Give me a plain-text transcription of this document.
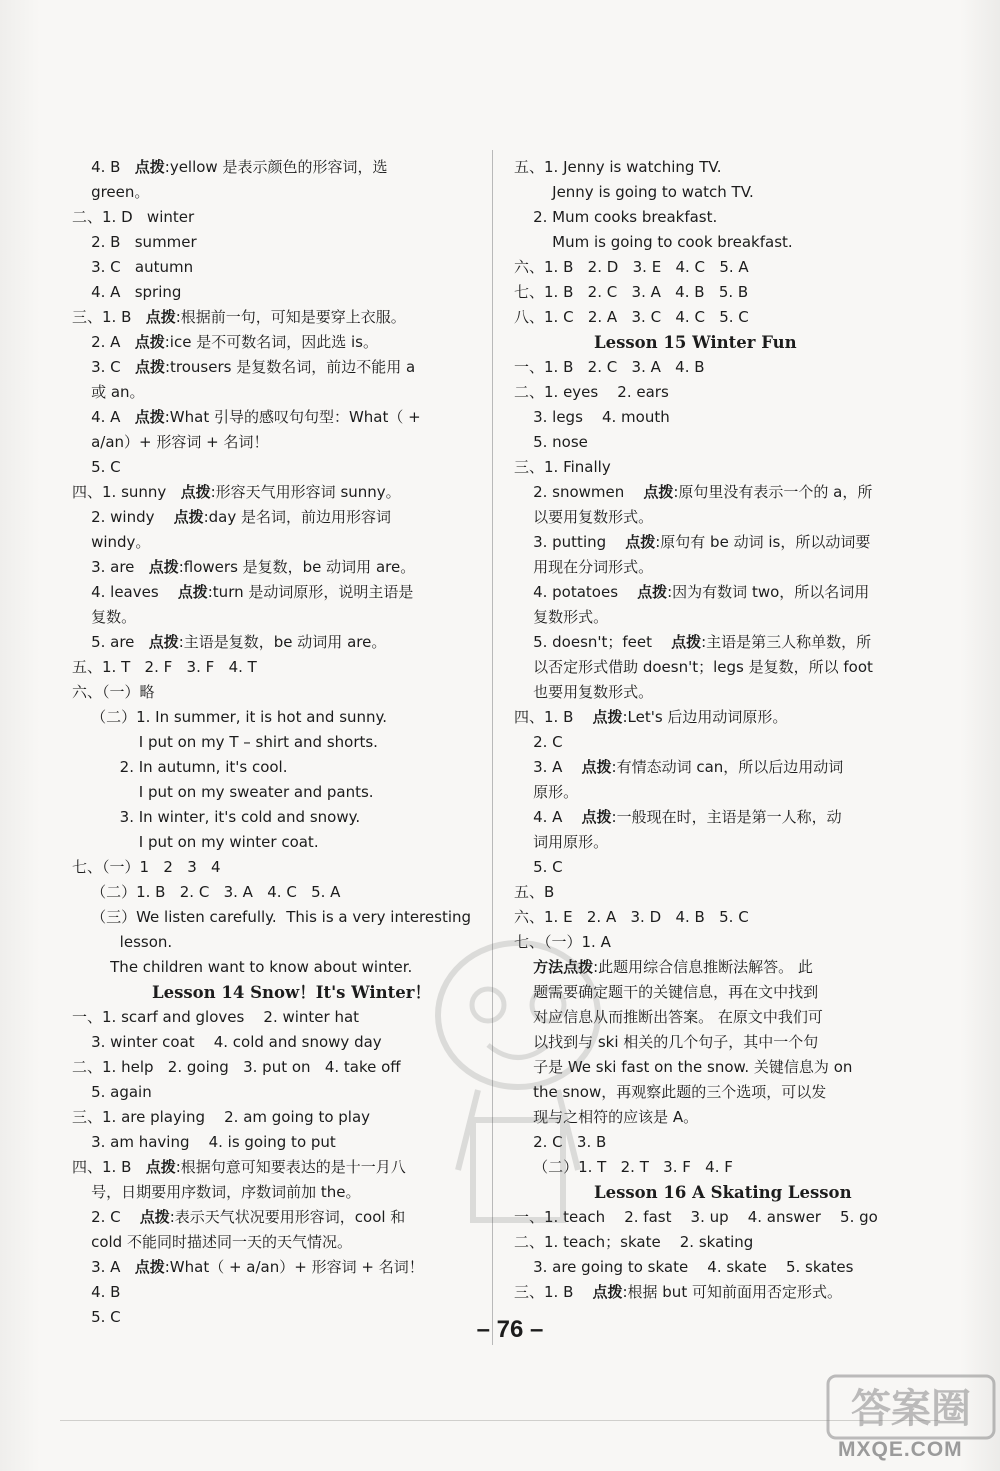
4. B   点拨:yellow 是表示颜色的形容词，选
green。
二、1. D   winter
2. B   summer
3. C   autumn
4. A   spring
三、1. B   点拨:根据前一句，可知是要穿上衣服。
2. A   点拨:ice 是不可数名词，因此选 is。
3. C   点拨:trousers 是复数名词，前边不能用 a
或 an。
4. A   点拨:What 引导的感叹句句型：What（ +
a/an）+ 形容词 + 名词！
5. C
四、1. sunny   点拨:形容天气用形容词 sunny。
2. windy    点拨:day 是名词，前边用形容词
windy。
3. are   点拨:flowers 是复数，be 动词用 are。
4. leaves    点拨:turn 是动词原形，说明主语是
复数。
5. are   点拨:主语是复数，be 动词用 are。
五、1. T   2. F   3. F   4. T
六、（一）略
（二）1. In summer, it is hot and sunny.
I put on my T – shirt and shorts.
2. In autumn, it's cool.
I put on my sweater and pants.
3. In winter, it's cold and snowy.
I put on my winter coat.
七、（一）1   2   3   4
（二）1. B   2. C   3. A   4. C   5. A
（三）We listen carefully.  This is a very interesting
lesson.
The children want to know about winter.
Lesson 14 Snow！It's Winter！
一、1. scarf and gloves    2. winter hat
3. winter coat    4. cold and snowy day
二、1. help   2. going   3. put on   4. take off
5. again
三、1. are playing    2. am going to play
3. am having    4. is going to put
四、1. B   点拨:根据句意可知要表达的是十一月八
号，日期要用序数词，序数词前加 the。
2. C    点拨:表示天气状况要用形容词，cool 和
cold 不能同时描述同一天的天气情况。
3. A   点拨:What（ + a/an）+ 形容词 + 名词！
4. B
5. C
五、1. Jenny is watching TV.
Jenny is going to watch TV.
2. Mum cooks breakfast.
Mum is going to cook breakfast.
六、1. B   2. D   3. E   4. C   5. A
七、1. B   2. C   3. A   4. B   5. B
八、1. C   2. A   3. C   4. C   5. C
Lesson 15 Winter Fun
一、1. B   2. C   3. A   4. B
二、1. eyes    2. ears
3. legs    4. mouth
5. nose
三、1. Finally
2. snowmen    点拨:原句里没有表示一个的 a，所
以要用复数形式。
3. putting    点拨:原句有 be 动词 is，所以动词要
用现在分词形式。
4. potatoes    点拨:因为有数词 two，所以名词用
复数形式。
5. doesn't；feet    点拨:主语是第三人称单数，所
以否定形式借助 doesn't；legs 是复数，所以 foot
也要用复数形式。
四、1. B    点拨:Let's 后边用动词原形。
2. C
3. A    点拨:有情态动词 can，所以后边用动词
原形。
4. A    点拨:一般现在时，主语是第一人称，动
词用原形。
5. C
五、B
六、1. E   2. A   3. D   4. B   5. C
七、（一）1. A
方法点拨:此题用综合信息推断法解答。 此
题需要确定题干的关键信息，再在文中找到
对应信息从而推断出答案。 在原文中我们可
以找到与 ski 相关的几个句子，其中一个句
子是 We ski fast on the snow. 关键信息为 on
the snow，再观察此题的三个选项，可以发
现与之相符的应该是 A。
2. C   3. B
（二）1. T   2. T   3. F   4. F
Lesson 16 A Skating Lesson
一、1. teach    2. fast    3. up    4. answer    5. go
二、1. teach；skate    2. skating
3. are going to skate    4. skate    5. skates
三、1. B    点拨:根据 but 可知前面用否定形式。
– 76 –
答案圈
MXQE.COM
